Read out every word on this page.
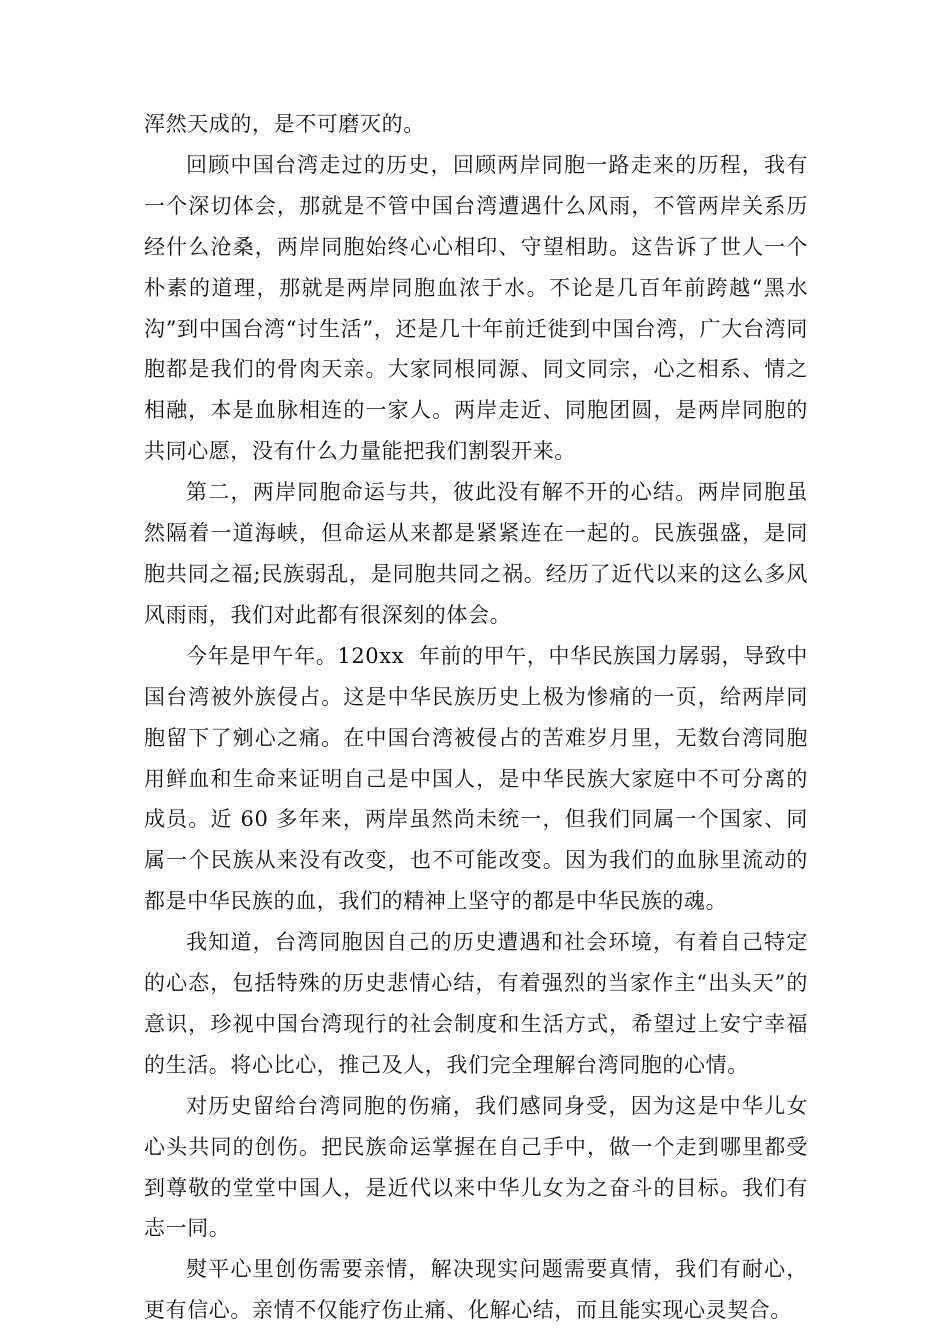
浑然天成的，是不可磨灭的。

回顾中国台湾走过的历史，回顾两岸同胞一路走来的历程，我有一个深切体会，那就是不管中国台湾遭遇什么风雨，不管两岸关系历经什么沧桑，两岸同胞始终心心相印、守望相助。这告诉了世人一个朴素的道理，那就是两岸同胞血浓于水。不论是几百年前跨越“黑水沟”到中国台湾“讨生活”，还是几十年前迁徙到中国台湾，广大台湾同胞都是我们的骨肉天亲。大家同根同源、同文同宗，心之相系、情之相融，本是血脉相连的一家人。两岸走近、同胞团圆，是两岸同胞的共同心愿，没有什么力量能把我们割裂开来。

第二，两岸同胞命运与共，彼此没有解不开的心结。两岸同胞虽然隔着一道海峡，但命运从来都是紧紧连在一起的。民族强盛，是同胞共同之福;民族弱乱，是同胞共同之祸。经历了近代以来的这么多风风雨雨，我们对此都有很深刻的体会。

今年是甲午年。120xx  年前的甲午，中华民族国力孱弱，导致中国台湾被外族侵占。这是中华民族历史上极为惨痛的一页，给两岸同胞留下了剜心之痛。在中国台湾被侵占的苦难岁月里，无数台湾同胞用鲜血和生命来证明自己是中国人，是中华民族大家庭中不可分离的成员。近 60 多年来，两岸虽然尚未统一，但我们同属一个国家、同属一个民族从来没有改变，也不可能改变。因为我们的血脉里流动的都是中华民族的血，我们的精神上坚守的都是中华民族的魂。

我知道，台湾同胞因自己的历史遭遇和社会环境，有着自己特定的心态，包括特殊的历史悲情心结，有着强烈的当家作主“出头天”的意识，珍视中国台湾现行的社会制度和生活方式，希望过上安宁幸福的生活。将心比心，推己及人，我们完全理解台湾同胞的心情。

对历史留给台湾同胞的伤痛，我们感同身受，因为这是中华儿女心头共同的创伤。把民族命运掌握在自己手中，做一个走到哪里都受到尊敬的堂堂中国人，是近代以来中华儿女为之奋斗的目标。我们有志一同。

熨平心里创伤需要亲情，解决现实问题需要真情，我们有耐心，更有信心。亲情不仅能疗伤止痛、化解心结，而且能实现心灵契合。
